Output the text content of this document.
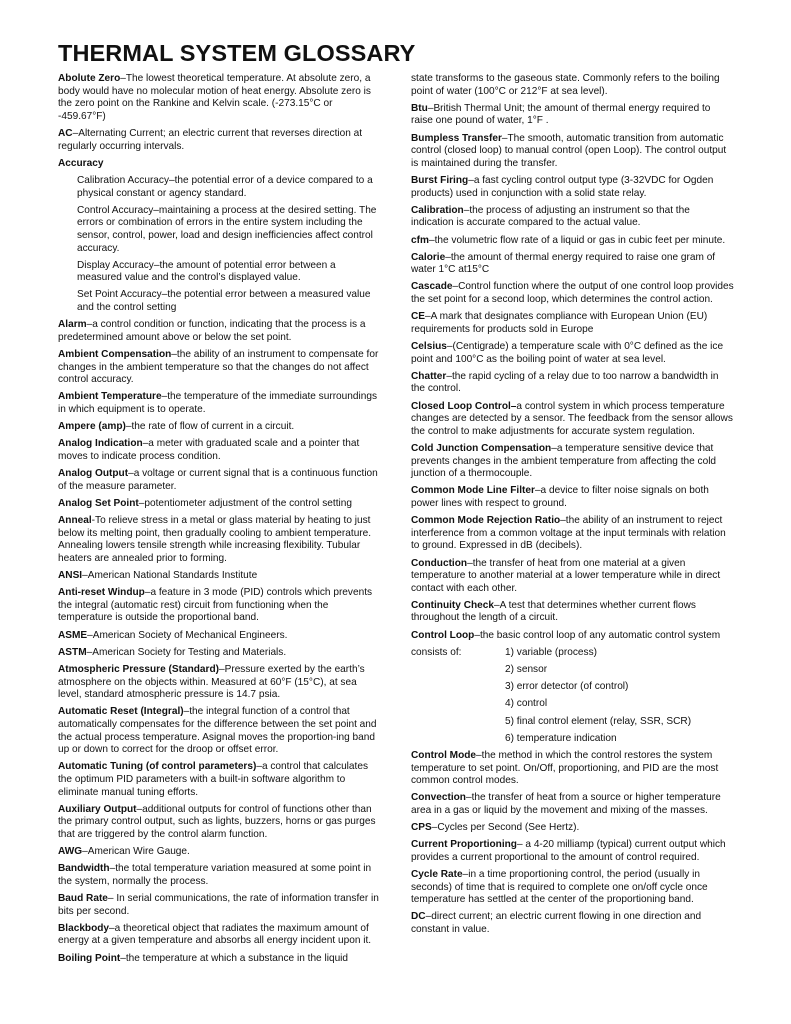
THERMAL SYSTEM GLOSSARY
Abolute Zero–The lowest theoretical temperature. At absolute zero, a body would have no molecular motion of heat energy. Absolute zero is the zero point on the Rankine and Kelvin scale. (-273.15°C or -459.67°F)
AC–Alternating Current; an electric current that reverses direction at regularly occurring intervals.
Accuracy
Calibration Accuracy–the potential error of a device compared to a physical constant or agency standard.
Control Accuracy–maintaining a process at the desired setting. The errors or combination of errors in the entire system including the sensor, control, power, load and design inefficiencies affect control accuracy.
Display Accuracy–the amount of potential error between a measured value and the control’s displayed value.
Set Point Accuracy–the potential error between a measured value and the control setting
Alarm–a control condition or function, indicating that the process is a predetermined amount above or below the set point.
Ambient Compensation–the ability of an instrument to compensate for changes in the ambient temperature so that the changes do not affect control accuracy.
Ambient Temperature–the temperature of the immediate surroundings in which equipment is to operate.
Ampere (amp)–the rate of flow of current in a circuit.
Analog Indication–a meter with graduated scale and a pointer that moves to indicate process condition.
Analog Output–a voltage or current signal that is a continuous function of the measure parameter.
Analog Set Point–potentiometer adjustment of the control setting
Anneal-To relieve stress in a metal or glass material by heating to just below its melting point, then gradually cooling to ambient temperature. Annealing lowers tensile strength while increasing flexibility. Tubular heaters are annealed prior to forming.
ANSI–American National Standards Institute
Anti-reset Windup–a feature in 3 mode (PID) controls which prevents the integral (automatic rest) circuit from functioning when the temperature is outside the proportional band.
ASME–American Society of Mechanical Engineers.
ASTM–American Society for Testing and Materials.
Atmospheric Pressure (Standard)–Pressure exerted by the earth’s atmosphere on the objects within. Measured at 60°F (15°C), at sea level, standard atmospheric pressure is 14.7 psia.
Automatic Reset (Integral)–the integral function of a control that automatically compensates for the difference between the set point and the actual process temperature. Asignal moves the proportion-ing band up or down to correct for the droop or offset error.
Automatic Tuning (of control parameters)–a control that calculates the optimum PID parameters with a built-in software algorithm to eliminate manual tuning efforts.
Auxiliary Output–additional outputs for control of functions other than the primary control output, such as lights, buzzers, horns or gas purges that are triggered by the control alarm function.
AWG–American Wire Gauge.
Bandwidth–the total temperature variation measured at some point in the system, normally the process.
Baud Rate– In serial communications, the rate of information transfer in bits per second.
Blackbody–a theoretical object that radiates the maximum amount of energy at a given temperature and absorbs all energy incident upon it.
Boiling Point–the temperature at which a substance in the liquid
state transforms to the gaseous state. Commonly refers to the boiling point of water (100°C or 212°F at sea level).
Btu–British Thermal Unit; the amount of thermal energy required to raise one pound of water, 1°F .
Bumpless Transfer–The smooth, automatic transition from automatic control (closed loop) to manual control (open Loop). The control output is maintained during the transfer.
Burst Firing–a fast cycling control output type (3-32VDC for Ogden products) used in conjunction with a solid state relay.
Calibration–the process of adjusting an instrument so that the indication is accurate compared to the actual value.
cfm–the volumetric flow rate of a liquid or gas in cubic feet per minute.
Calorie–the amount of thermal energy required to raise one gram of water 1°C at15°C
Cascade–Control function where the output of one control loop provides the set point for a second loop, which determines the control action.
CE–A mark that designates compliance with European Union (EU) requirements for products sold in Europe
Celsius–(Centigrade) a temperature scale with 0°C defined as the ice point and 100°C as the boiling point of water at sea level.
Chatter–the rapid cycling of a relay due to too narrow a bandwidth in the control.
Closed Loop Control–a control system in which process temperature changes are detected by a sensor. The feedback from the sensor allows the control to make adjustments for accurate system regulation.
Cold Junction Compensation–a temperature sensitive device that prevents changes in the ambient temperature from affecting the cold junction of a thermocouple.
Common Mode Line Filter–a device to filter noise signals on both power lines with respect to ground.
Common Mode Rejection Ratio–the ability of an instrument to reject interference from a common voltage at the input terminals with relation to ground. Expressed in dB (decibels).
Conduction–the transfer of heat from one material at a given temperature to another material at a lower temperature while in direct contact with each other.
Continuity Check–A test that determines whether current flows throughout the length of a circuit.
Control Loop–the basic control loop of any automatic control system
consists of:	1) variable (process)
2) sensor
3) error detector (of control)
4) control
5) final control element (relay, SSR, SCR)
6) temperature indication
Control Mode–the method in which the control restores the system temperature to set point. On/Off, proportioning, and PID are the most common control modes.
Convection–the transfer of heat from a source or higher temperature area in a gas or liquid by the movement and mixing of the masses.
CPS–Cycles per Second (See Hertz).
Current Proportioning– a 4-20 milliamp (typical) current output which provides a current proportional to the amount of control required.
Cycle Rate–in a time proportioning control, the period (usually in seconds) of time that is required to complete one on/off cycle once temperature has settled at the center of the proportioning band.
DC–direct current; an electric current flowing in one direction and constant in value.
